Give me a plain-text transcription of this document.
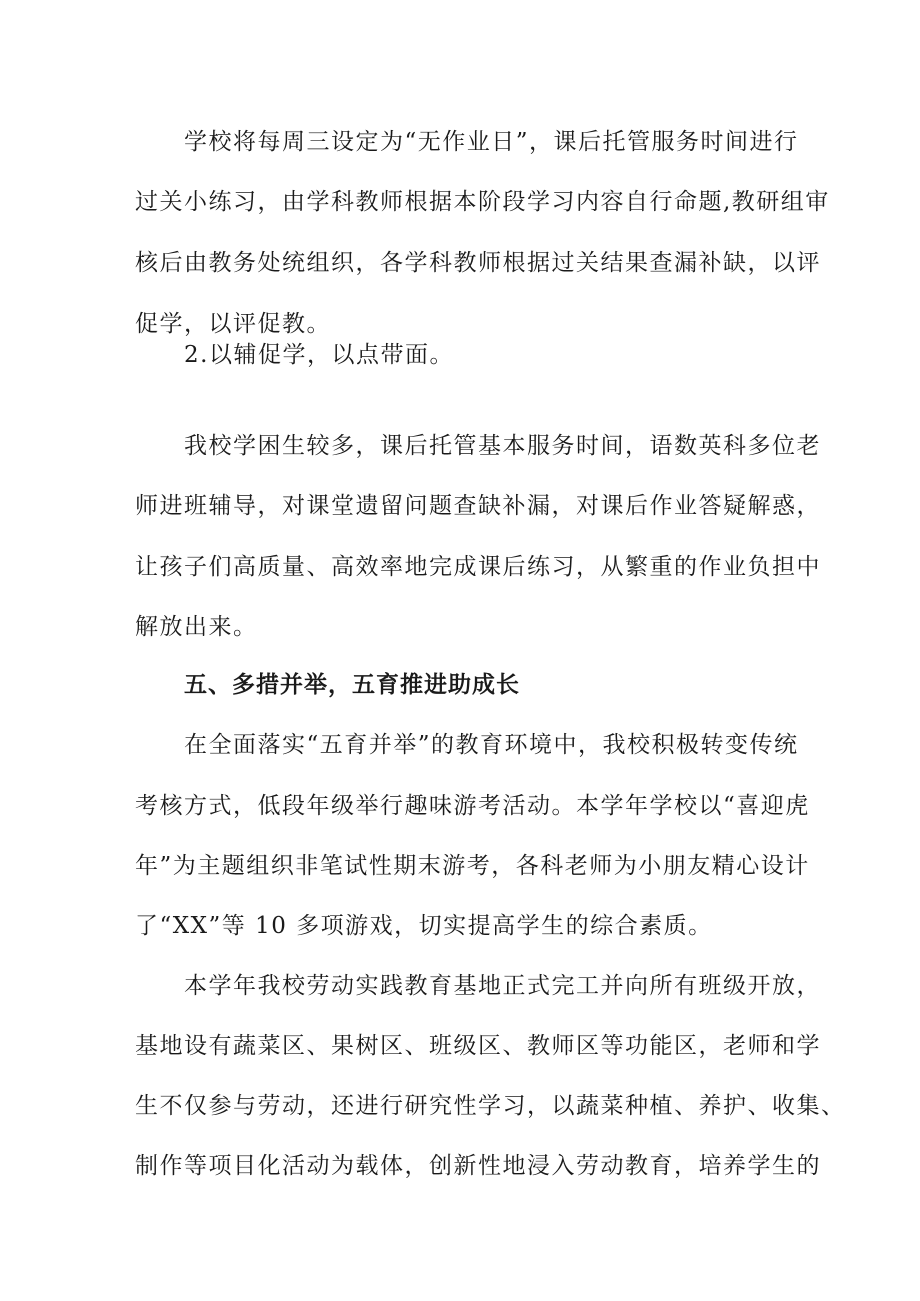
学校将每周三设定为“无作业日”，课后托管服务时间进行
过关小练习，由学科教师根据本阶段学习内容自行命题,教研组审
核后由教务处统组织，各学科教师根据过关结果查漏补缺，以评
促学，以评促教。
2.以辅促学，以点带面。
我校学困生较多，课后托管基本服务时间，语数英科多位老
师进班辅导，对课堂遗留问题查缺补漏，对课后作业答疑解惑，
让孩子们高质量、高效率地完成课后练习，从繁重的作业负担中
解放出来。
五、多措并举，五育推进助成长
在全面落实“五育并举”的教育环境中，我校积极转变传统
考核方式，低段年级举行趣味游考活动。本学年学校以“喜迎虎
年”为主题组织非笔试性期末游考，各科老师为小朋友精心设计
了“XX”等 10 多项游戏，切实提高学生的综合素质。
本学年我校劳动实践教育基地正式完工并向所有班级开放，
基地设有蔬菜区、果树区、班级区、教师区等功能区，老师和学
生不仅参与劳动，还进行研究性学习，以蔬菜种植、养护、收集、
制作等项目化活动为载体，创新性地浸入劳动教育，培养学生的
